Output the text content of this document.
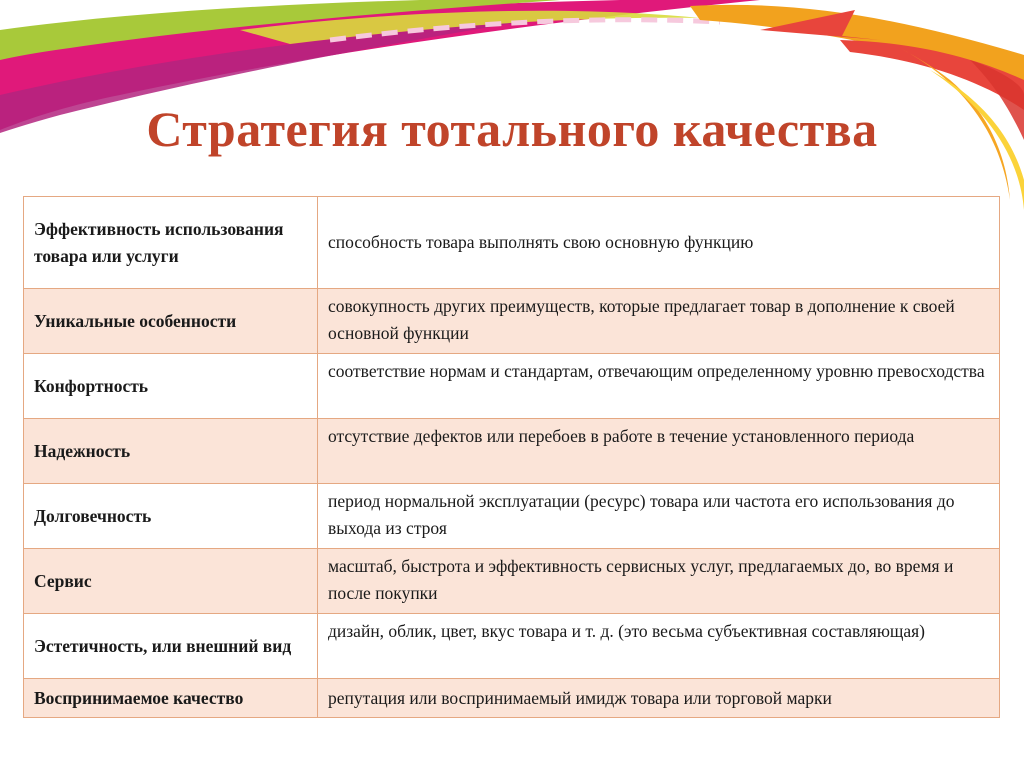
Стратегия тотального качества
Эффективность использования товара или услуги	способность товара выполнять свою основную функцию
Уникальные особенности	совокупность других преимуществ, которые предлагает товар в дополнение к своей основной функции
Конфортность	соответствие нормам и стандартам, отвечающим определенному уровню превосходства
Надежность	отсутствие дефектов или перебоев в работе в течение установленного периода
Долговечность	период нормальной эксплуатации (ресурс) товара или частота его использования до выхода из строя
Сервис	масштаб, быстрота и эффективность сервисных услуг, предлагаемых до, во время и после покупки
Эстетичность, или внешний вид	дизайн, облик, цвет, вкус товара и т. д. (это весьма субъективная составляющая)
Воспринимаемое качество	репутация или воспринимаемый имидж товара или торговой марки
